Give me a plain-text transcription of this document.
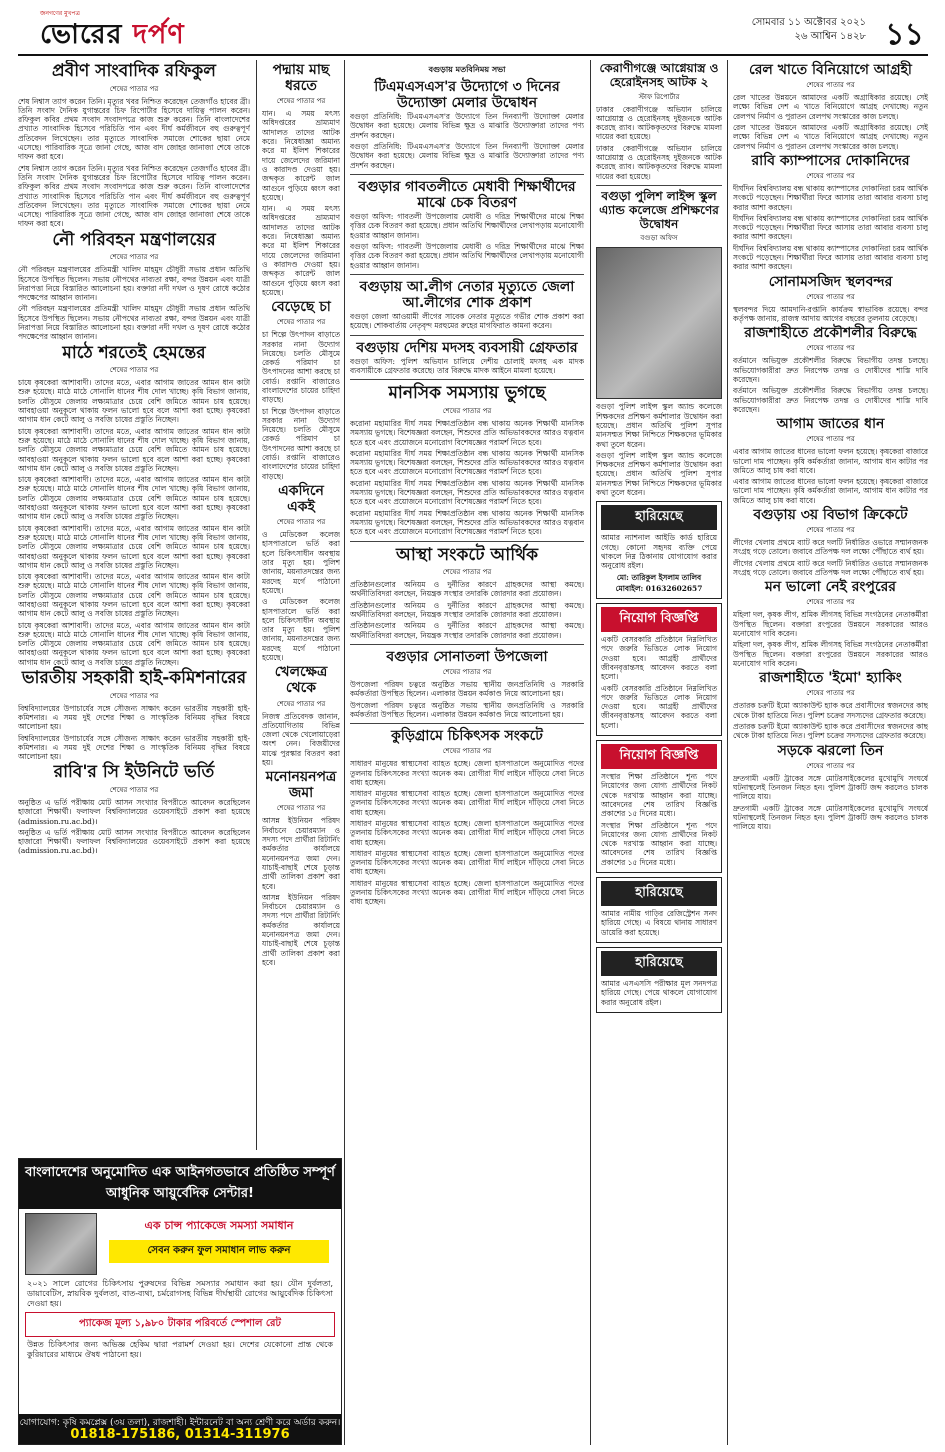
জনগণের মুখপত্র
ভোরের দর্পণ	সোমবার ১১ অক্টোবর ২০২১
২৬ আশ্বিন ১৪২৮ ১১
প্রবীণ সাংবাদিক রফিকুল
শেষের পাতার পর

শেষ নিশ্বাস ত্যাগ করেন তিনি। মৃত্যুর খবর নিশ্চিত করেছেন তেজগাঁও হাবের ব্রী। তিনি সংবাদ দৈনিক যুগান্তরের চিফ রিপোর্টার হিসেবে দায়িত্ব পালন করেন। রফিকুল কবির প্রথম সংবাদ সংবাদপত্রে কাজ শুরু করেন। তিনি বাংলাদেশের প্রখ্যাত সাংবাদিক হিসেবে পরিচিতি পান এবং দীর্ঘ কর্মজীবনে বহু গুরুত্বপূর্ণ প্রতিবেদন লিখেছেন। তার মৃত্যুতে সাংবাদিক সমাজে শোকের ছায়া নেমে এসেছে। পারিবারিক সূত্রে জানা গেছে, আজ বাদ জোহর জানাজা শেষে তাকে দাফন করা হবে।

শেষ নিশ্বাস ত্যাগ করেন তিনি। মৃত্যুর খবর নিশ্চিত করেছেন তেজগাঁও হাবের ব্রী। তিনি সংবাদ দৈনিক যুগান্তরের চিফ রিপোর্টার হিসেবে দায়িত্ব পালন করেন। রফিকুল কবির প্রথম সংবাদ সংবাদপত্রে কাজ শুরু করেন। তিনি বাংলাদেশের প্রখ্যাত সাংবাদিক হিসেবে পরিচিতি পান এবং দীর্ঘ কর্মজীবনে বহু গুরুত্বপূর্ণ প্রতিবেদন লিখেছেন। তার মৃত্যুতে সাংবাদিক সমাজে শোকের ছায়া নেমে এসেছে। পারিবারিক সূত্রে জানা গেছে, আজ বাদ জোহর জানাজা শেষে তাকে দাফন করা হবে।

নৌ পরিবহন মন্ত্রণালয়ের
শেষের পাতার পর

নৌ পরিবহন মন্ত্রণালয়ের প্রতিমন্ত্রী খালিদ মাহমুদ চৌধুরী সভায় প্রধান অতিথি হিসেবে উপস্থিত ছিলেন। সভায় নৌপথের নাব্যতা রক্ষা, বন্দর উন্নয়ন এবং যাত্রী নিরাপত্তা নিয়ে বিস্তারিত আলোচনা হয়। বক্তারা নদী দখল ও দূষণ রোধে কঠোর পদক্ষেপের আহ্বান জানান।

নৌ পরিবহন মন্ত্রণালয়ের প্রতিমন্ত্রী খালিদ মাহমুদ চৌধুরী সভায় প্রধান অতিথি হিসেবে উপস্থিত ছিলেন। সভায় নৌপথের নাব্যতা রক্ষা, বন্দর উন্নয়ন এবং যাত্রী নিরাপত্তা নিয়ে বিস্তারিত আলোচনা হয়। বক্তারা নদী দখল ও দূষণ রোধে কঠোর পদক্ষেপের আহ্বান জানান।

মাঠে শরতেই হেমন্তের
শেষের পাতার পর

চাষে কৃষকেরা আশাবাদী। তাদের মতে, এবার আগাম জাতের আমন ধান কাটা শুরু হয়েছে। মাঠে মাঠে সোনালি ধানের শীষ দোল খাচ্ছে। কৃষি বিভাগ জানায়, চলতি মৌসুমে জেলায় লক্ষ্যমাত্রার চেয়ে বেশি জমিতে আমন চাষ হয়েছে। আবহাওয়া অনুকূলে থাকায় ফলন ভালো হবে বলে আশা করা হচ্ছে। কৃষকেরা আগাম ধান কেটে আলু ও সবজি চাষের প্রস্তুতি নিচ্ছেন।

চাষে কৃষকেরা আশাবাদী। তাদের মতে, এবার আগাম জাতের আমন ধান কাটা শুরু হয়েছে। মাঠে মাঠে সোনালি ধানের শীষ দোল খাচ্ছে। কৃষি বিভাগ জানায়, চলতি মৌসুমে জেলায় লক্ষ্যমাত্রার চেয়ে বেশি জমিতে আমন চাষ হয়েছে। আবহাওয়া অনুকূলে থাকায় ফলন ভালো হবে বলে আশা করা হচ্ছে। কৃষকেরা আগাম ধান কেটে আলু ও সবজি চাষের প্রস্তুতি নিচ্ছেন।

চাষে কৃষকেরা আশাবাদী। তাদের মতে, এবার আগাম জাতের আমন ধান কাটা শুরু হয়েছে। মাঠে মাঠে সোনালি ধানের শীষ দোল খাচ্ছে। কৃষি বিভাগ জানায়, চলতি মৌসুমে জেলায় লক্ষ্যমাত্রার চেয়ে বেশি জমিতে আমন চাষ হয়েছে। আবহাওয়া অনুকূলে থাকায় ফলন ভালো হবে বলে আশা করা হচ্ছে। কৃষকেরা আগাম ধান কেটে আলু ও সবজি চাষের প্রস্তুতি নিচ্ছেন।

চাষে কৃষকেরা আশাবাদী। তাদের মতে, এবার আগাম জাতের আমন ধান কাটা শুরু হয়েছে। মাঠে মাঠে সোনালি ধানের শীষ দোল খাচ্ছে। কৃষি বিভাগ জানায়, চলতি মৌসুমে জেলায় লক্ষ্যমাত্রার চেয়ে বেশি জমিতে আমন চাষ হয়েছে। আবহাওয়া অনুকূলে থাকায় ফলন ভালো হবে বলে আশা করা হচ্ছে। কৃষকেরা আগাম ধান কেটে আলু ও সবজি চাষের প্রস্তুতি নিচ্ছেন।

চাষে কৃষকেরা আশাবাদী। তাদের মতে, এবার আগাম জাতের আমন ধান কাটা শুরু হয়েছে। মাঠে মাঠে সোনালি ধানের শীষ দোল খাচ্ছে। কৃষি বিভাগ জানায়, চলতি মৌসুমে জেলায় লক্ষ্যমাত্রার চেয়ে বেশি জমিতে আমন চাষ হয়েছে। আবহাওয়া অনুকূলে থাকায় ফলন ভালো হবে বলে আশা করা হচ্ছে। কৃষকেরা আগাম ধান কেটে আলু ও সবজি চাষের প্রস্তুতি নিচ্ছেন।

চাষে কৃষকেরা আশাবাদী। তাদের মতে, এবার আগাম জাতের আমন ধান কাটা শুরু হয়েছে। মাঠে মাঠে সোনালি ধানের শীষ দোল খাচ্ছে। কৃষি বিভাগ জানায়, চলতি মৌসুমে জেলায় লক্ষ্যমাত্রার চেয়ে বেশি জমিতে আমন চাষ হয়েছে। আবহাওয়া অনুকূলে থাকায় ফলন ভালো হবে বলে আশা করা হচ্ছে। কৃষকেরা আগাম ধান কেটে আলু ও সবজি চাষের প্রস্তুতি নিচ্ছেন।

ভারতীয় সহকারী হাই-কমিশনারের
শেষের পাতার পর

বিশ্ববিদ্যালয়ের উপাচার্যের সঙ্গে সৌজন্য সাক্ষাৎ করেন ভারতীয় সহকারী হাই-কমিশনার। এ সময় দুই দেশের শিক্ষা ও সাংস্কৃতিক বিনিময় বৃদ্ধির বিষয়ে আলোচনা হয়।

বিশ্ববিদ্যালয়ের উপাচার্যের সঙ্গে সৌজন্য সাক্ষাৎ করেন ভারতীয় সহকারী হাই-কমিশনার। এ সময় দুই দেশের শিক্ষা ও সাংস্কৃতিক বিনিময় বৃদ্ধির বিষয়ে আলোচনা হয়।

রাবি'র সি ইউনিটে ভর্তি
শেষের পাতার পর

অনুষ্ঠিত এ ভর্তি পরীক্ষায় মোট আসন সংখ্যার বিপরীতে আবেদন করেছিলেন হাজারো শিক্ষার্থী। ফলাফল বিশ্ববিদ্যালয়ের ওয়েবসাইটে প্রকাশ করা হয়েছে (admission.ru.ac.bd)।

অনুষ্ঠিত এ ভর্তি পরীক্ষায় মোট আসন সংখ্যার বিপরীতে আবেদন করেছিলেন হাজারো শিক্ষার্থী। ফলাফল বিশ্ববিদ্যালয়ের ওয়েবসাইটে প্রকাশ করা হয়েছে (admission.ru.ac.bd)।

পদ্মায় মাছ ধরতে
শেষের পাতার পর

যান। এ সময় মৎস্য অধিদপ্তরের ভ্রাম্যমাণ আদালত তাদের আটক করে। নিষেধাজ্ঞা অমান্য করে মা ইলিশ শিকারের দায়ে জেলেদের জরিমানা ও কারাদণ্ড দেওয়া হয়। জব্দকৃত কারেন্ট জাল আগুনে পুড়িয়ে ধ্বংস করা হয়েছে।

যান। এ সময় মৎস্য অধিদপ্তরের ভ্রাম্যমাণ আদালত তাদের আটক করে। নিষেধাজ্ঞা অমান্য করে মা ইলিশ শিকারের দায়ে জেলেদের জরিমানা ও কারাদণ্ড দেওয়া হয়। জব্দকৃত কারেন্ট জাল আগুনে পুড়িয়ে ধ্বংস করা হয়েছে।

বেড়েছে চা
শেষের পাতার পর

চা শিল্পে উৎপাদন বাড়াতে সরকার নানা উদ্যোগ নিয়েছে। চলতি মৌসুমে রেকর্ড পরিমাণ চা উৎপাদনের আশা করছে চা বোর্ড। রপ্তানি বাজারেও বাংলাদেশের চায়ের চাহিদা বাড়ছে।

চা শিল্পে উৎপাদন বাড়াতে সরকার নানা উদ্যোগ নিয়েছে। চলতি মৌসুমে রেকর্ড পরিমাণ চা উৎপাদনের আশা করছে চা বোর্ড। রপ্তানি বাজারেও বাংলাদেশের চায়ের চাহিদা বাড়ছে।

একদিনে একই
শেষের পাতার পর

ও মেডিকেল কলেজ হাসপাতালে ভর্তি করা হলে চিকিৎসাধীন অবস্থায় তার মৃত্যু হয়। পুলিশ জানায়, ময়নাতদন্তের জন্য মরদেহ মর্গে পাঠানো হয়েছে।

ও মেডিকেল কলেজ হাসপাতালে ভর্তি করা হলে চিকিৎসাধীন অবস্থায় তার মৃত্যু হয়। পুলিশ জানায়, ময়নাতদন্তের জন্য মরদেহ মর্গে পাঠানো হয়েছে।

খেলক্ষেত্র থেকে
শেষের পাতার পর

নিজস্ব প্রতিবেদক জানান, প্রতিযোগিতায় বিভিন্ন জেলা থেকে খেলোয়াড়েরা অংশ নেন। বিজয়ীদের মাঝে পুরস্কার বিতরণ করা হয়।

মনোনয়নপত্র জমা
শেষের পাতার পর

আসন্ন ইউনিয়ন পরিষদ নির্বাচনে চেয়ারম্যান ও সদস্য পদে প্রার্থীরা রিটার্নিং কর্মকর্তার কার্যালয়ে মনোনয়নপত্র জমা দেন। যাচাই-বাছাই শেষে চূড়ান্ত প্রার্থী তালিকা প্রকাশ করা হবে।

আসন্ন ইউনিয়ন পরিষদ নির্বাচনে চেয়ারম্যান ও সদস্য পদে প্রার্থীরা রিটার্নিং কর্মকর্তার কার্যালয়ে মনোনয়নপত্র জমা দেন। যাচাই-বাছাই শেষে চূড়ান্ত প্রার্থী তালিকা প্রকাশ করা হবে।

বগুড়ায় মতবিনিময় সভা
টিএমএসএস'র উদ্যোগে ৩ দিনের উদ্যোক্তা মেলার উদ্বোধন

বগুড়া প্রতিনিধি: টিএমএসএস'র উদ্যোগে তিন দিনব্যাপী উদ্যোক্তা মেলার উদ্বোধন করা হয়েছে। মেলায় বিভিন্ন ক্ষুদ্র ও মাঝারি উদ্যোক্তারা তাদের পণ্য প্রদর্শন করছেন।

বগুড়া প্রতিনিধি: টিএমএসএস'র উদ্যোগে তিন দিনব্যাপী উদ্যোক্তা মেলার উদ্বোধন করা হয়েছে। মেলায় বিভিন্ন ক্ষুদ্র ও মাঝারি উদ্যোক্তারা তাদের পণ্য প্রদর্শন করছেন।

বগুড়ার গাবতলীতে মেধাবী শিক্ষার্থীদের মাঝে চেক বিতরণ

বগুড়া অফিস: গাবতলী উপজেলায় মেধাবী ও দরিদ্র শিক্ষার্থীদের মাঝে শিক্ষা বৃত্তির চেক বিতরণ করা হয়েছে। প্রধান অতিথি শিক্ষার্থীদের লেখাপড়ায় মনোযোগী হওয়ার আহ্বান জানান।

বগুড়া অফিস: গাবতলী উপজেলায় মেধাবী ও দরিদ্র শিক্ষার্থীদের মাঝে শিক্ষা বৃত্তির চেক বিতরণ করা হয়েছে। প্রধান অতিথি শিক্ষার্থীদের লেখাপড়ায় মনোযোগী হওয়ার আহ্বান জানান।

বগুড়ায় আ.লীগ নেতার মৃত্যুতে জেলা আ.লীগের শোক প্রকাশ

বগুড়া জেলা আওয়ামী লীগের সাবেক নেতার মৃত্যুতে গভীর শোক প্রকাশ করা হয়েছে। শোকবার্তায় নেতৃবৃন্দ মরহুমের রুহের মাগফিরাত কামনা করেন।

বগুড়ায় দেশিয় মদসহ ব্যবসায়ী গ্রেফতার

বগুড়া অফিস: পুলিশ অভিযান চালিয়ে দেশীয় চোলাই মদসহ এক মাদক ব্যবসায়ীকে গ্রেফতার করেছে। তার বিরুদ্ধে মাদক আইনে মামলা হয়েছে।

মানসিক সমস্যায় ভুগছে
শেষের পাতার পর

করোনা মহামারির দীর্ঘ সময় শিক্ষাপ্রতিষ্ঠান বন্ধ থাকায় অনেক শিক্ষার্থী মানসিক সমস্যায় ভুগছে। বিশেষজ্ঞরা বলছেন, শিশুদের প্রতি অভিভাবকদের আরও যত্নবান হতে হবে এবং প্রয়োজনে মনোরোগ বিশেষজ্ঞের পরামর্শ নিতে হবে।

করোনা মহামারির দীর্ঘ সময় শিক্ষাপ্রতিষ্ঠান বন্ধ থাকায় অনেক শিক্ষার্থী মানসিক সমস্যায় ভুগছে। বিশেষজ্ঞরা বলছেন, শিশুদের প্রতি অভিভাবকদের আরও যত্নবান হতে হবে এবং প্রয়োজনে মনোরোগ বিশেষজ্ঞের পরামর্শ নিতে হবে।

করোনা মহামারির দীর্ঘ সময় শিক্ষাপ্রতিষ্ঠান বন্ধ থাকায় অনেক শিক্ষার্থী মানসিক সমস্যায় ভুগছে। বিশেষজ্ঞরা বলছেন, শিশুদের প্রতি অভিভাবকদের আরও যত্নবান হতে হবে এবং প্রয়োজনে মনোরোগ বিশেষজ্ঞের পরামর্শ নিতে হবে।

করোনা মহামারির দীর্ঘ সময় শিক্ষাপ্রতিষ্ঠান বন্ধ থাকায় অনেক শিক্ষার্থী মানসিক সমস্যায় ভুগছে। বিশেষজ্ঞরা বলছেন, শিশুদের প্রতি অভিভাবকদের আরও যত্নবান হতে হবে এবং প্রয়োজনে মনোরোগ বিশেষজ্ঞের পরামর্শ নিতে হবে।

আস্থা সংকটে আর্থিক
শেষের পাতার পর

প্রতিষ্ঠানগুলোর অনিয়ম ও দুর্নীতির কারণে গ্রাহকদের আস্থা কমছে। অর্থনীতিবিদরা বলছেন, নিয়ন্ত্রক সংস্থার তদারকি জোরদার করা প্রয়োজন।

প্রতিষ্ঠানগুলোর অনিয়ম ও দুর্নীতির কারণে গ্রাহকদের আস্থা কমছে। অর্থনীতিবিদরা বলছেন, নিয়ন্ত্রক সংস্থার তদারকি জোরদার করা প্রয়োজন।

প্রতিষ্ঠানগুলোর অনিয়ম ও দুর্নীতির কারণে গ্রাহকদের আস্থা কমছে। অর্থনীতিবিদরা বলছেন, নিয়ন্ত্রক সংস্থার তদারকি জোরদার করা প্রয়োজন।

বগুড়ার সোনাতলা উপজেলা
শেষের পাতার পর

উপজেলা পরিষদ চত্বরে অনুষ্ঠিত সভায় স্থানীয় জনপ্রতিনিধি ও সরকারি কর্মকর্তারা উপস্থিত ছিলেন। এলাকার উন্নয়ন কর্মকাণ্ড নিয়ে আলোচনা হয়।

উপজেলা পরিষদ চত্বরে অনুষ্ঠিত সভায় স্থানীয় জনপ্রতিনিধি ও সরকারি কর্মকর্তারা উপস্থিত ছিলেন। এলাকার উন্নয়ন কর্মকাণ্ড নিয়ে আলোচনা হয়।

কুড়িগ্রামে চিকিৎসক সংকটে
শেষের পাতার পর

সাধারণ মানুষের স্বাস্থ্যসেবা ব্যাহত হচ্ছে। জেলা হাসপাতালে অনুমোদিত পদের তুলনায় চিকিৎসকের সংখ্যা অনেক কম। রোগীরা দীর্ঘ লাইনে দাঁড়িয়ে সেবা নিতে বাধ্য হচ্ছেন।

সাধারণ মানুষের স্বাস্থ্যসেবা ব্যাহত হচ্ছে। জেলা হাসপাতালে অনুমোদিত পদের তুলনায় চিকিৎসকের সংখ্যা অনেক কম। রোগীরা দীর্ঘ লাইনে দাঁড়িয়ে সেবা নিতে বাধ্য হচ্ছেন।

সাধারণ মানুষের স্বাস্থ্যসেবা ব্যাহত হচ্ছে। জেলা হাসপাতালে অনুমোদিত পদের তুলনায় চিকিৎসকের সংখ্যা অনেক কম। রোগীরা দীর্ঘ লাইনে দাঁড়িয়ে সেবা নিতে বাধ্য হচ্ছেন।

সাধারণ মানুষের স্বাস্থ্যসেবা ব্যাহত হচ্ছে। জেলা হাসপাতালে অনুমোদিত পদের তুলনায় চিকিৎসকের সংখ্যা অনেক কম। রোগীরা দীর্ঘ লাইনে দাঁড়িয়ে সেবা নিতে বাধ্য হচ্ছেন।

সাধারণ মানুষের স্বাস্থ্যসেবা ব্যাহত হচ্ছে। জেলা হাসপাতালে অনুমোদিত পদের তুলনায় চিকিৎসকের সংখ্যা অনেক কম। রোগীরা দীর্ঘ লাইনে দাঁড়িয়ে সেবা নিতে বাধ্য হচ্ছেন।

কেরাণীগঞ্জে আগ্নেয়াস্ত্র ও হেরোইনসহ আটক ২
স্টাফ রিপোর্টার

ঢাকার কেরাণীগঞ্জে অভিযান চালিয়ে আগ্নেয়াস্ত্র ও হেরোইনসহ দুইজনকে আটক করেছে র‍্যাব। আটককৃতদের বিরুদ্ধে মামলা দায়ের করা হয়েছে।

ঢাকার কেরাণীগঞ্জে অভিযান চালিয়ে আগ্নেয়াস্ত্র ও হেরোইনসহ দুইজনকে আটক করেছে র‍্যাব। আটককৃতদের বিরুদ্ধে মামলা দায়ের করা হয়েছে।

বগুড়া পুলিশ লাইন্স স্কুল এ্যান্ড কলেজে প্রশিক্ষণের উদ্বোধন
বগুড়া অফিস

বগুড়া পুলিশ লাইন্স স্কুল অ্যান্ড কলেজে শিক্ষকদের প্রশিক্ষণ কর্মশালার উদ্বোধন করা হয়েছে। প্রধান অতিথি পুলিশ সুপার মানসম্মত শিক্ষা নিশ্চিতে শিক্ষকদের ভূমিকার কথা তুলে ধরেন।

বগুড়া পুলিশ লাইন্স স্কুল অ্যান্ড কলেজে শিক্ষকদের প্রশিক্ষণ কর্মশালার উদ্বোধন করা হয়েছে। প্রধান অতিথি পুলিশ সুপার মানসম্মত শিক্ষা নিশ্চিতে শিক্ষকদের ভূমিকার কথা তুলে ধরেন।

হারিয়েছে

আমার ন্যাশনাল আইডি কার্ড হারিয়ে গেছে। কোনো সহৃদয় ব্যক্তি পেয়ে থাকলে নিম্ন ঠিকানায় যোগাযোগ করার অনুরোধ রইল।

মো: তারিকুল ইসলাম তালিব

মোবাইল: 01632602657

নিয়োগ বিজ্ঞপ্তি

একটি বেসরকারি প্রতিষ্ঠানে নিম্নলিখিত পদে জরুরি ভিত্তিতে লোক নিয়োগ দেওয়া হবে। আগ্রহী প্রার্থীদের জীবনবৃত্তান্তসহ আবেদন করতে বলা হলো।

একটি বেসরকারি প্রতিষ্ঠানে নিম্নলিখিত পদে জরুরি ভিত্তিতে লোক নিয়োগ দেওয়া হবে। আগ্রহী প্রার্থীদের জীবনবৃত্তান্তসহ আবেদন করতে বলা হলো।

নিয়োগ বিজ্ঞপ্তি

সংস্থার শিক্ষা প্রতিষ্ঠানে শূন্য পদে নিয়োগের জন্য যোগ্য প্রার্থীদের নিকট থেকে দরখাস্ত আহ্বান করা যাচ্ছে। আবেদনের শেষ তারিখ বিজ্ঞপ্তি প্রকাশের ১৫ দিনের মধ্যে।

সংস্থার শিক্ষা প্রতিষ্ঠানে শূন্য পদে নিয়োগের জন্য যোগ্য প্রার্থীদের নিকট থেকে দরখাস্ত আহ্বান করা যাচ্ছে। আবেদনের শেষ তারিখ বিজ্ঞপ্তি প্রকাশের ১৫ দিনের মধ্যে।

হারিয়েছে

আমার নামীয় গাড়ির রেজিস্ট্রেশন সনদ হারিয়ে গেছে। এ বিষয়ে থানায় সাধারণ ডায়েরি করা হয়েছে।

হারিয়েছে

আমার এসএসসি পরীক্ষার মূল সনদপত্র হারিয়ে গেছে। পেয়ে থাকলে যোগাযোগ করার অনুরোধ রইল।

রেল খাতে বিনিয়োগে আগ্রহী
শেষের পাতার পর

রেল খাতের উন্নয়নে আমাদের একটি অগ্রাধিকার রয়েছে। সেই লক্ষ্যে বিভিন্ন দেশ এ খাতে বিনিয়োগে আগ্রহ দেখাচ্ছে। নতুন রেলপথ নির্মাণ ও পুরাতন রেলপথ সংস্কারের কাজ চলছে।

রেল খাতের উন্নয়নে আমাদের একটি অগ্রাধিকার রয়েছে। সেই লক্ষ্যে বিভিন্ন দেশ এ খাতে বিনিয়োগে আগ্রহ দেখাচ্ছে। নতুন রেলপথ নির্মাণ ও পুরাতন রেলপথ সংস্কারের কাজ চলছে।

রাবি ক্যাম্পাসের দোকানিদের
শেষের পাতার পর

দীর্ঘদিন বিশ্ববিদ্যালয় বন্ধ থাকায় ক্যাম্পাসের দোকানিরা চরম আর্থিক সংকটে পড়েছেন। শিক্ষার্থীরা ফিরে আসায় তারা আবার ব্যবসা চালু করার আশা করছেন।

দীর্ঘদিন বিশ্ববিদ্যালয় বন্ধ থাকায় ক্যাম্পাসের দোকানিরা চরম আর্থিক সংকটে পড়েছেন। শিক্ষার্থীরা ফিরে আসায় তারা আবার ব্যবসা চালু করার আশা করছেন।

দীর্ঘদিন বিশ্ববিদ্যালয় বন্ধ থাকায় ক্যাম্পাসের দোকানিরা চরম আর্থিক সংকটে পড়েছেন। শিক্ষার্থীরা ফিরে আসায় তারা আবার ব্যবসা চালু করার আশা করছেন।

সোনামসজিদ স্থলবন্দর
শেষের পাতার পর

স্থলবন্দর দিয়ে আমদানি-রপ্তানি কার্যক্রম স্বাভাবিক রয়েছে। বন্দর কর্তৃপক্ষ জানায়, রাজস্ব আদায় আগের বছরের তুলনায় বেড়েছে।

রাজশাহীতে প্রকৌশলীর বিরুদ্ধে
শেষের পাতার পর

বর্তমানে অভিযুক্ত প্রকৌশলীর বিরুদ্ধে বিভাগীয় তদন্ত চলছে। অভিযোগকারীরা দ্রুত নিরপেক্ষ তদন্ত ও দোষীদের শাস্তি দাবি করেছেন।

বর্তমানে অভিযুক্ত প্রকৌশলীর বিরুদ্ধে বিভাগীয় তদন্ত চলছে। অভিযোগকারীরা দ্রুত নিরপেক্ষ তদন্ত ও দোষীদের শাস্তি দাবি করেছেন।

আগাম জাতের ধান
শেষের পাতার পর

এবার আগাম জাতের ধানের ভালো ফলন হয়েছে। কৃষকেরা বাজারে ভালো দাম পাচ্ছেন। কৃষি কর্মকর্তারা জানান, আগাম ধান কাটার পর জমিতে আলু চাষ করা যাবে।

এবার আগাম জাতের ধানের ভালো ফলন হয়েছে। কৃষকেরা বাজারে ভালো দাম পাচ্ছেন। কৃষি কর্মকর্তারা জানান, আগাম ধান কাটার পর জমিতে আলু চাষ করা যাবে।

বগুড়ায় ৩য় বিভাগ ক্রিকেটে
শেষের পাতার পর

লীগের খেলায় প্রথমে ব্যাট করে দলটি নির্ধারিত ওভারে সম্মানজনক সংগ্রহ গড়ে তোলে। জবাবে প্রতিপক্ষ দল লক্ষ্যে পৌঁছাতে ব্যর্থ হয়।

লীগের খেলায় প্রথমে ব্যাট করে দলটি নির্ধারিত ওভারে সম্মানজনক সংগ্রহ গড়ে তোলে। জবাবে প্রতিপক্ষ দল লক্ষ্যে পৌঁছাতে ব্যর্থ হয়।

মন ভালো নেই রংপুরের
শেষের পাতার পর

মহিলা দল, কৃষক লীগ, শ্রমিক লীগসহ বিভিন্ন সংগঠনের নেতাকর্মীরা উপস্থিত ছিলেন। বক্তারা রংপুরের উন্নয়নে সরকারের আরও মনোযোগ দাবি করেন।

মহিলা দল, কৃষক লীগ, শ্রমিক লীগসহ বিভিন্ন সংগঠনের নেতাকর্মীরা উপস্থিত ছিলেন। বক্তারা রংপুরের উন্নয়নে সরকারের আরও মনোযোগ দাবি করেন।

রাজশাহীতে 'ইমো' হ্যাকিং
শেষের পাতার পর

প্রতারক চক্রটি ইমো অ্যাকাউন্ট হ্যাক করে প্রবাসীদের স্বজনদের কাছ থেকে টাকা হাতিয়ে নিত। পুলিশ চক্রের সদস্যদের গ্রেফতার করেছে।

প্রতারক চক্রটি ইমো অ্যাকাউন্ট হ্যাক করে প্রবাসীদের স্বজনদের কাছ থেকে টাকা হাতিয়ে নিত। পুলিশ চক্রের সদস্যদের গ্রেফতার করেছে।

সড়কে ঝরলো তিন
শেষের পাতার পর

দ্রুতগামী একটি ট্রাকের সঙ্গে মোটরসাইকেলের মুখোমুখি সংঘর্ষে ঘটনাস্থলেই তিনজন নিহত হন। পুলিশ ট্রাকটি জব্দ করলেও চালক পালিয়ে যায়।

দ্রুতগামী একটি ট্রাকের সঙ্গে মোটরসাইকেলের মুখোমুখি সংঘর্ষে ঘটনাস্থলেই তিনজন নিহত হন। পুলিশ ট্রাকটি জব্দ করলেও চালক পালিয়ে যায়।

বাংলাদেশের অনুমোদিত এক আইনগতভাবে প্রতিষ্ঠিত সম্পূর্ণ আধুনিক আয়ুর্বেদিক সেন্টার!
এক চান্স প্যাকেজে সমস্যা সমাধান
সেবন করুন ফুল সমাধান লাভ করুন
২০২১ সালে রোগের চিকিৎসায় পুরুষদের বিভিন্ন সমস্যার সমাধান করা হয়। যৌন দুর্বলতা, ডায়াবেটিস, স্নায়বিক দুর্বলতা, বাত-ব্যথা, চর্মরোগসহ বিভিন্ন দীর্ঘস্থায়ী রোগের আয়ুর্বেদিক চিকিৎসা দেওয়া হয়।
প্যাকেজ মূল্য ১,৯৮০ টাকার পরিবর্তে স্পেশাল রেট
উন্নত চিকিৎসার জন্য অভিজ্ঞ হেকিম দ্বারা পরামর্শ দেওয়া হয়। দেশের যেকোনো প্রান্ত থেকে কুরিয়ারের মাধ্যমে ঔষধ পাঠানো হয়।
যোগাযোগ: কৃষি কমপ্লেক্স (৩য় তলা), রাজশাহী। ইন্টারনেট বা অন্য শ্রেণী করে অর্ডার করুন।
01818-175186, 01314-311976
